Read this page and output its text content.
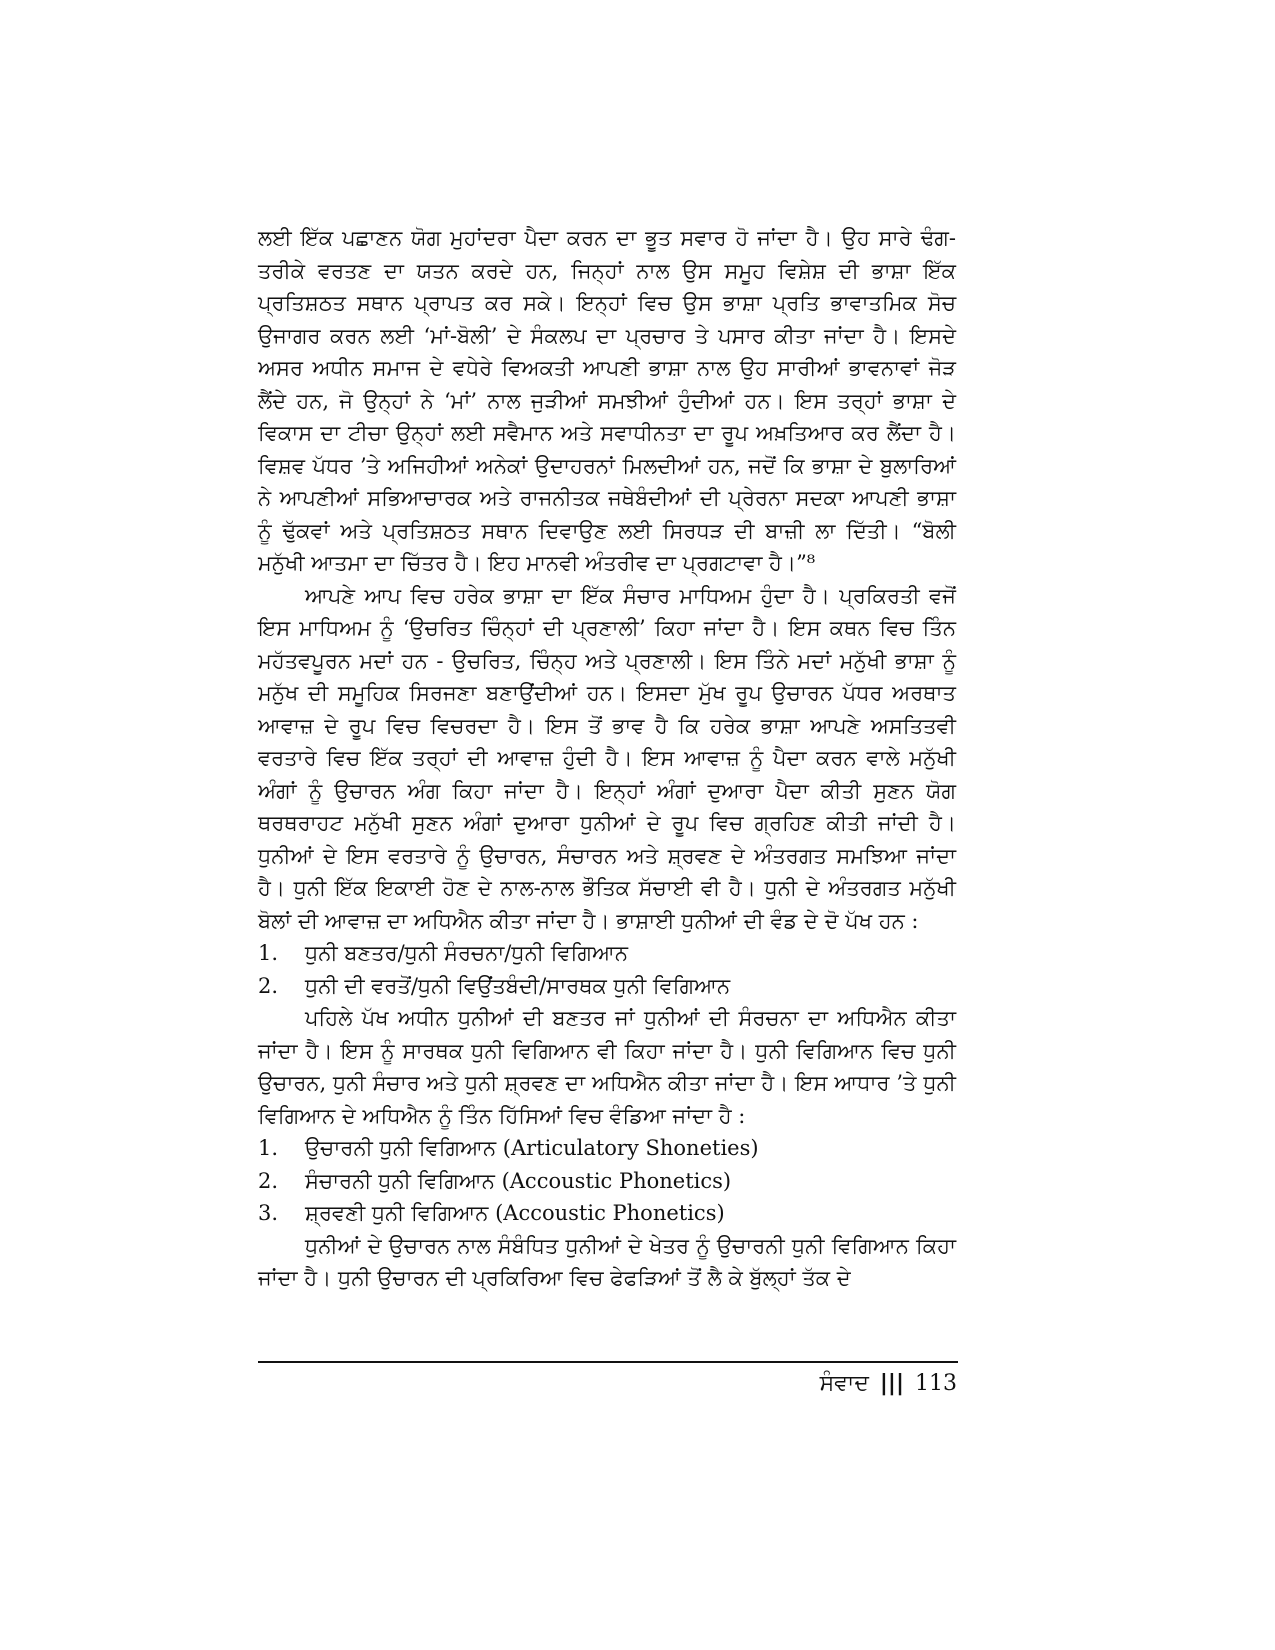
ਲਈ ਇੱਕ ਪਛਾਣਨ ਯੋਗ ਮੁਹਾਂਦਰਾ ਪੈਦਾ ਕਰਨ ਦਾ ਭੂਤ ਸਵਾਰ ਹੋ ਜਾਂਦਾ ਹੈ। ਉਹ ਸਾਰੇ ਢੰਗ-ਤਰੀਕੇ ਵਰਤਣ ਦਾ ਯਤਨ ਕਰਦੇ ਹਨ, ਜਿਨ੍ਹਾਂ ਨਾਲ ਉਸ ਸਮੂਹ ਵਿਸ਼ੇਸ਼ ਦੀ ਭਾਸ਼ਾ ਇੱਕ ਪ੍ਰਤਿਸ਼ਠਤ ਸਥਾਨ ਪ੍ਰਾਪਤ ਕਰ ਸਕੇ। ਇਨ੍ਹਾਂ ਵਿਚ ਉਸ ਭਾਸ਼ਾ ਪ੍ਰਤਿ ਭਾਵਾਤਮਿਕ ਸੋਚ ਉਜਾਗਰ ਕਰਨ ਲਈ ‘ਮਾਂ-ਬੋਲੀ’ ਦੇ ਸੰਕਲਪ ਦਾ ਪ੍ਰਚਾਰ ਤੇ ਪਸਾਰ ਕੀਤਾ ਜਾਂਦਾ ਹੈ। ਇਸਦੇ ਅਸਰ ਅਧੀਨ ਸਮਾਜ ਦੇ ਵਧੇਰੇ ਵਿਅਕਤੀ ਆਪਣੀ ਭਾਸ਼ਾ ਨਾਲ ਉਹ ਸਾਰੀਆਂ ਭਾਵਨਾਵਾਂ ਜੋੜ ਲੈਂਦੇ ਹਨ, ਜੋ ਉਨ੍ਹਾਂ ਨੇ ‘ਮਾਂ’ ਨਾਲ ਜੁੜੀਆਂ ਸਮਝੀਆਂ ਹੁੰਦੀਆਂ ਹਨ। ਇਸ ਤਰ੍ਹਾਂ ਭਾਸ਼ਾ ਦੇ ਵਿਕਾਸ ਦਾ ਟੀਚਾ ਉਨ੍ਹਾਂ ਲਈ ਸਵੈਮਾਨ ਅਤੇ ਸਵਾਧੀਨਤਾ ਦਾ ਰੂਪ ਅਖ਼ਤਿਆਰ ਕਰ ਲੈਂਦਾ ਹੈ। ਵਿਸ਼ਵ ਪੱਧਰ ’ਤੇ ਅਜਿਹੀਆਂ ਅਨੇਕਾਂ ਉਦਾਹਰਨਾਂ ਮਿਲਦੀਆਂ ਹਨ, ਜਦੋਂ ਕਿ ਭਾਸ਼ਾ ਦੇ ਬੁਲਾਰਿਆਂ ਨੇ ਆਪਣੀਆਂ ਸਭਿਆਚਾਰਕ ਅਤੇ ਰਾਜਨੀਤਕ ਜਥੇਬੰਦੀਆਂ ਦੀ ਪ੍ਰੇਰਨਾ ਸਦਕਾ ਆਪਣੀ ਭਾਸ਼ਾ ਨੂੰ ਢੁੱਕਵਾਂ ਅਤੇ ਪ੍ਰਤਿਸ਼ਠਤ ਸਥਾਨ ਦਿਵਾਉਣ ਲਈ ਸਿਰਧੜ ਦੀ ਬਾਜ਼ੀ ਲਾ ਦਿੱਤੀ। “ਬੋਲੀ ਮਨੁੱਖੀ ਆਤਮਾ ਦਾ ਚਿੱਤਰ ਹੈ। ਇਹ ਮਾਨਵੀ ਅੰਤਰੀਵ ਦਾ ਪ੍ਰਗਟਾਵਾ ਹੈ।”⁸

ਆਪਣੇ ਆਪ ਵਿਚ ਹਰੇਕ ਭਾਸ਼ਾ ਦਾ ਇੱਕ ਸੰਚਾਰ ਮਾਧਿਅਮ ਹੁੰਦਾ ਹੈ। ਪ੍ਰਕਿਰਤੀ ਵਜੋਂ ਇਸ ਮਾਧਿਅਮ ਨੂੰ ‘ਉਚਰਿਤ ਚਿੰਨ੍ਹਾਂ ਦੀ ਪ੍ਰਣਾਲੀ’ ਕਿਹਾ ਜਾਂਦਾ ਹੈ। ਇਸ ਕਥਨ ਵਿਚ ਤਿੰਨ ਮਹੱਤਵਪੂਰਨ ਮਦਾਂ ਹਨ - ਉਚਰਿਤ, ਚਿੰਨ੍ਹ ਅਤੇ ਪ੍ਰਣਾਲੀ। ਇਸ ਤਿੰਨੇ ਮਦਾਂ ਮਨੁੱਖੀ ਭਾਸ਼ਾ ਨੂੰ ਮਨੁੱਖ ਦੀ ਸਮੂਹਿਕ ਸਿਰਜਣਾ ਬਣਾਉਂਦੀਆਂ ਹਨ। ਇਸਦਾ ਮੁੱਖ ਰੂਪ ਉਚਾਰਨ ਪੱਧਰ ਅਰਥਾਤ ਆਵਾਜ਼ ਦੇ ਰੂਪ ਵਿਚ ਵਿਚਰਦਾ ਹੈ। ਇਸ ਤੋਂ ਭਾਵ ਹੈ ਕਿ ਹਰੇਕ ਭਾਸ਼ਾ ਆਪਣੇ ਅਸਤਿਤਵੀ ਵਰਤਾਰੇ ਵਿਚ ਇੱਕ ਤਰ੍ਹਾਂ ਦੀ ਆਵਾਜ਼ ਹੁੰਦੀ ਹੈ। ਇਸ ਆਵਾਜ਼ ਨੂੰ ਪੈਦਾ ਕਰਨ ਵਾਲੇ ਮਨੁੱਖੀ ਅੰਗਾਂ ਨੂੰ ਉਚਾਰਨ ਅੰਗ ਕਿਹਾ ਜਾਂਦਾ ਹੈ। ਇਨ੍ਹਾਂ ਅੰਗਾਂ ਦੁਆਰਾ ਪੈਦਾ ਕੀਤੀ ਸੁਣਨ ਯੋਗ ਥਰਥਰਾਹਟ ਮਨੁੱਖੀ ਸੁਣਨ ਅੰਗਾਂ ਦੁਆਰਾ ਧੁਨੀਆਂ ਦੇ ਰੂਪ ਵਿਚ ਗ੍ਰਹਿਣ ਕੀਤੀ ਜਾਂਦੀ ਹੈ। ਧੁਨੀਆਂ ਦੇ ਇਸ ਵਰਤਾਰੇ ਨੂੰ ਉਚਾਰਨ, ਸੰਚਾਰਨ ਅਤੇ ਸ਼੍ਰਵਣ ਦੇ ਅੰਤਰਗਤ ਸਮਝਿਆ ਜਾਂਦਾ ਹੈ। ਧੁਨੀ ਇੱਕ ਇਕਾਈ ਹੋਣ ਦੇ ਨਾਲ-ਨਾਲ ਭੌਤਿਕ ਸੱਚਾਈ ਵੀ ਹੈ। ਧੁਨੀ ਦੇ ਅੰਤਰਗਤ ਮਨੁੱਖੀ ਬੋਲਾਂ ਦੀ ਆਵਾਜ਼ ਦਾ ਅਧਿਐਨ ਕੀਤਾ ਜਾਂਦਾ ਹੈ। ਭਾਸ਼ਾਈ ਧੁਨੀਆਂ ਦੀ ਵੰਡ ਦੇ ਦੋ ਪੱਖ ਹਨ :

1.	ਧੁਨੀ ਬਣਤਰ/ਧੁਨੀ ਸੰਰਚਨਾ/ਧੁਨੀ ਵਿਗਿਆਨ
2.	ਧੁਨੀ ਦੀ ਵਰਤੋਂ/ਧੁਨੀ ਵਿਉਂਤਬੰਦੀ/ਸਾਰਥਕ ਧੁਨੀ ਵਿਗਿਆਨ

ਪਹਿਲੇ ਪੱਖ ਅਧੀਨ ਧੁਨੀਆਂ ਦੀ ਬਣਤਰ ਜਾਂ ਧੁਨੀਆਂ ਦੀ ਸੰਰਚਨਾ ਦਾ ਅਧਿਐਨ ਕੀਤਾ ਜਾਂਦਾ ਹੈ। ਇਸ ਨੂੰ ਸਾਰਥਕ ਧੁਨੀ ਵਿਗਿਆਨ ਵੀ ਕਿਹਾ ਜਾਂਦਾ ਹੈ। ਧੁਨੀ ਵਿਗਿਆਨ ਵਿਚ ਧੁਨੀ ਉਚਾਰਨ, ਧੁਨੀ ਸੰਚਾਰ ਅਤੇ ਧੁਨੀ ਸ਼੍ਰਵਣ ਦਾ ਅਧਿਐਨ ਕੀਤਾ ਜਾਂਦਾ ਹੈ। ਇਸ ਆਧਾਰ ’ਤੇ ਧੁਨੀ ਵਿਗਿਆਨ ਦੇ ਅਧਿਐਨ ਨੂੰ ਤਿੰਨ ਹਿੱਸਿਆਂ ਵਿਚ ਵੰਡਿਆ ਜਾਂਦਾ ਹੈ :

1.	ਉਚਾਰਨੀ ਧੁਨੀ ਵਿਗਿਆਨ (Articulatory Shoneties)
2.	ਸੰਚਾਰਨੀ ਧੁਨੀ ਵਿਗਿਆਨ (Accoustic Phonetics)
3.	ਸ਼੍ਰਵਣੀ ਧੁਨੀ ਵਿਗਿਆਨ (Accoustic Phonetics)

ਧੁਨੀਆਂ ਦੇ ਉਚਾਰਨ ਨਾਲ ਸੰਬੰਧਿਤ ਧੁਨੀਆਂ ਦੇ ਖੇਤਰ ਨੂੰ ਉਚਾਰਨੀ ਧੁਨੀ ਵਿਗਿਆਨ ਕਿਹਾ ਜਾਂਦਾ ਹੈ। ਧੁਨੀ ਉਚਾਰਨ ਦੀ ਪ੍ਰਕਿਰਿਆ ਵਿਚ ਫੇਫੜਿਆਂ ਤੋਂ ਲੈ ਕੇ ਬੁੱਲ੍ਹਾਂ ਤੱਕ ਦੇ

ਸੰਵਾਦ ||| 113
